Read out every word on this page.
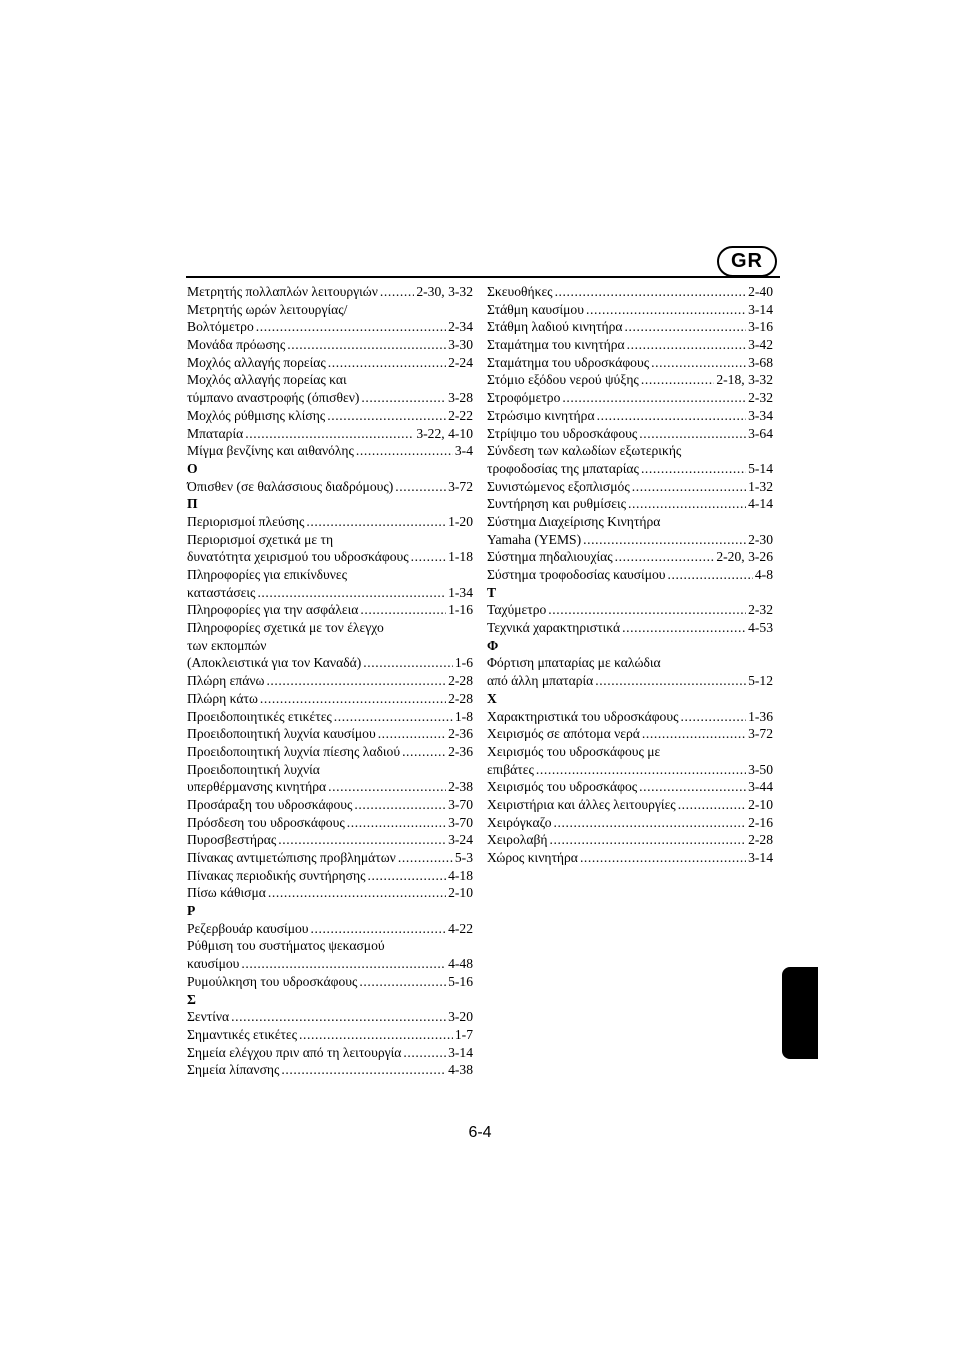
GR
Μετρητής πολλαπλών λειτουργιών .....	2-30, 3-32
Μετρητής ωρών λειτουργίας/
Βολτόμετρο .....	2-34
Μονάδα πρόωσης .....	3-30
Μοχλός αλλαγής πορείας .....	2-24
Μοχλός αλλαγής πορείας και
τύμπανο αναστροφής (όπισθεν) .....	3-28
Μοχλός ρύθμισης κλίσης .....	2-22
Μπαταρία .....	3-22, 4-10
Μίγμα βενζίνης και αιθανόλης .....	3-4
Ο
Όπισθεν (σε θαλάσσιους διαδρόμους) .....	3-72
Π
Περιορισμοί πλεύσης .....	1-20
Περιορισμοί σχετικά με τη
δυνατότητα χειρισμού του υδροσκάφους .....	1-18
Πληροφορίες για επικίνδυνες
καταστάσεις .....	1-34
Πληροφορίες για την ασφάλεια .....	1-16
Πληροφορίες σχετικά με τον έλεγχο
των εκπομπών
(Αποκλειστικά για τον Καναδά) .....	1-6
Πλώρη επάνω .....	2-28
Πλώρη κάτω .....	2-28
Προειδοποιητικές ετικέτες .....	1-8
Προειδοποιητική λυχνία καυσίμου .....	2-36
Προειδοποιητική λυχνία πίεσης λαδιού .....	2-36
Προειδοποιητική λυχνία
υπερθέρμανσης κινητήρα .....	2-38
Προσάραξη του υδροσκάφους .....	3-70
Πρόσδεση του υδροσκάφους .....	3-70
Πυροσβεστήρας .....	3-24
Πίνακας αντιμετώπισης προβλημάτων .....	5-3
Πίνακας περιοδικής συντήρησης .....	4-18
Πίσω κάθισμα .....	2-10
Ρ
Ρεζερβουάρ καυσίμου .....	4-22
Ρύθμιση του συστήματος ψεκασμού
καυσίμου .....	4-48
Ρυμούλκηση του υδροσκάφους .....	5-16
Σ
Σεντίνα .....	3-20
Σημαντικές ετικέτες .....	1-7
Σημεία ελέγχου πριν από τη λειτουργία .....	3-14
Σημεία λίπανσης .....	4-38
Σκευοθήκες .....	2-40
Στάθμη καυσίμου .....	3-14
Στάθμη λαδιού κινητήρα .....	3-16
Σταμάτημα του κινητήρα .....	3-42
Σταμάτημα του υδροσκάφους .....	3-68
Στόμιο εξόδου νερού ψύξης .....	2-18, 3-32
Στροφόμετρο .....	2-32
Στρώσιμο κινητήρα .....	3-34
Στρίψιμο του υδροσκάφους .....	3-64
Σύνδεση των καλωδίων εξωτερικής
τροφοδοσίας της μπαταρίας .....	5-14
Συνιστώμενος εξοπλισμός .....	1-32
Συντήρηση και ρυθμίσεις .....	4-14
Σύστημα Διαχείρισης Κινητήρα
Yamaha (YEMS) .....	2-30
Σύστημα πηδαλιουχίας .....	2-20, 3-26
Σύστημα τροφοδοσίας καυσίμου .....	4-8
Τ
Ταχύμετρο .....	2-32
Τεχνικά χαρακτηριστικά .....	4-53
Φ
Φόρτιση μπαταρίας με καλώδια
από άλλη μπαταρία .....	5-12
Χ
Χαρακτηριστικά του υδροσκάφους .....	1-36
Χειρισμός σε απότομα νερά .....	3-72
Χειρισμός του υδροσκάφους με
επιβάτες .....	3-50
Χειρισμός του υδροσκάφος .....	3-44
Χειριστήρια και άλλες λειτουργίες .....	2-10
Χειρόγκαζο .....	2-16
Χειρολαβή .....	2-28
Χώρος κινητήρα .....	3-14
6-4
